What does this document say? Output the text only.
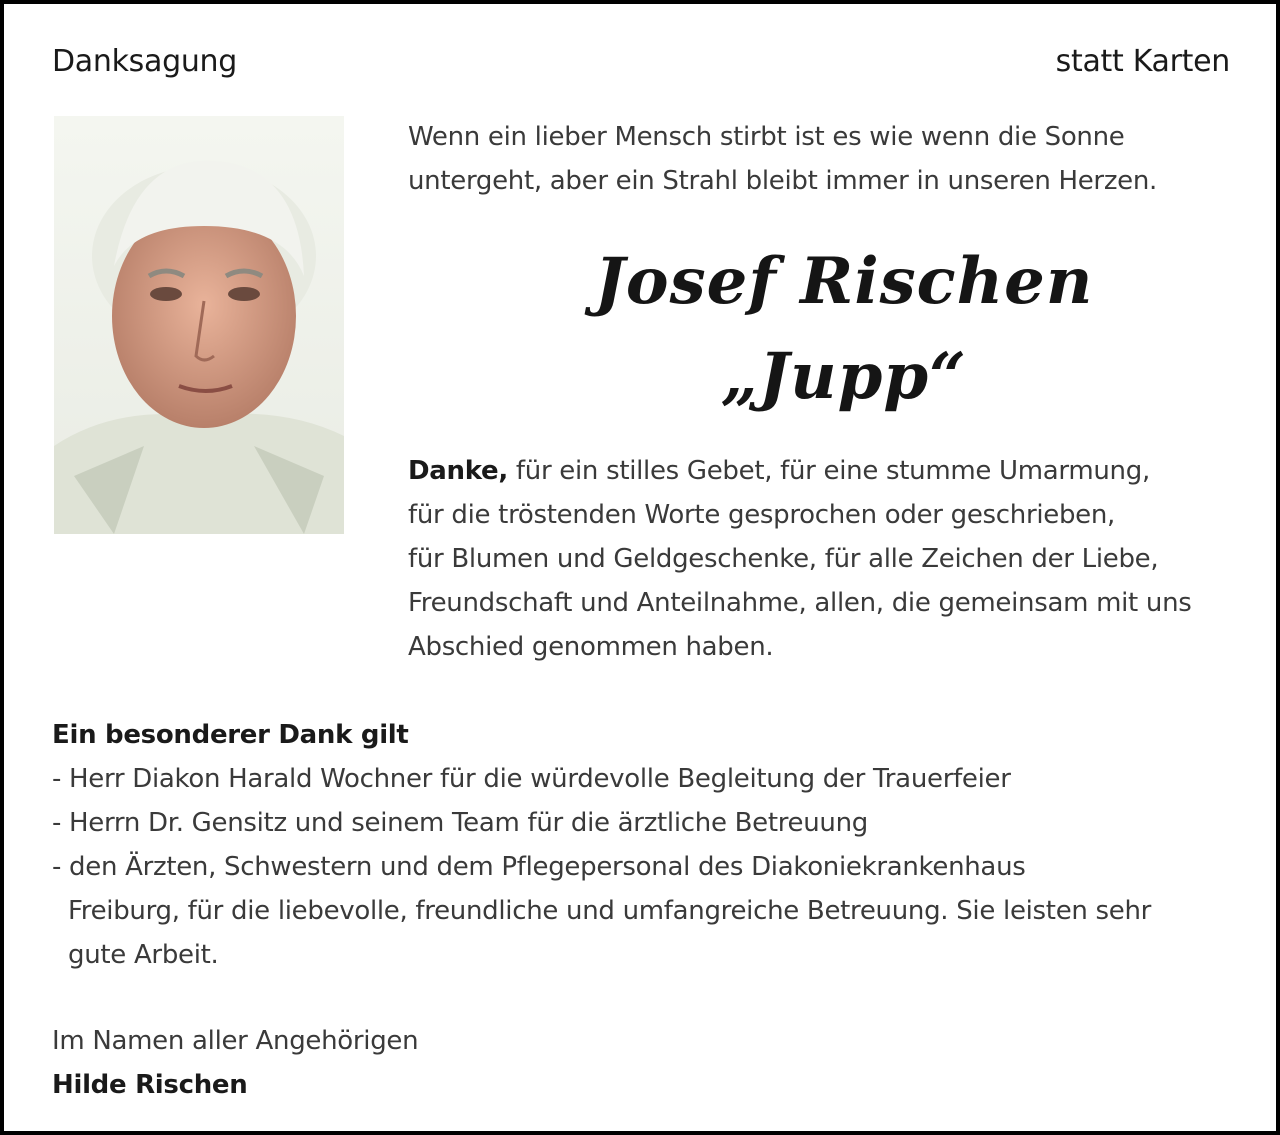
Danksagung	statt Karten
Wenn ein lieber Mensch stirbt ist es wie wenn die Sonne
untergeht, aber ein Strahl bleibt immer in unseren Herzen.
Josef Rischen
„Jupp“
Danke, für ein stilles Gebet, für eine stumme Umarmung,
für die tröstenden Worte gesprochen oder geschrieben,
für Blumen und Geldgeschenke, für alle Zeichen der Liebe,
Freundschaft und Anteilnahme, allen, die gemeinsam mit uns
Abschied genommen haben.
Ein besonderer Dank gilt
- Herr Diakon Harald Wochner für die würdevolle Begleitung der Trauerfeier
- Herrn Dr. Gensitz und seinem Team für die ärztliche Betreuung
- den Ärzten, Schwestern und dem Pflegepersonal des Diakoniekrankenhaus
Freiburg, für die liebevolle, freundliche und umfangreiche Betreuung. Sie leisten sehr
gute Arbeit.
Im Namen aller Angehörigen
Hilde Rischen
